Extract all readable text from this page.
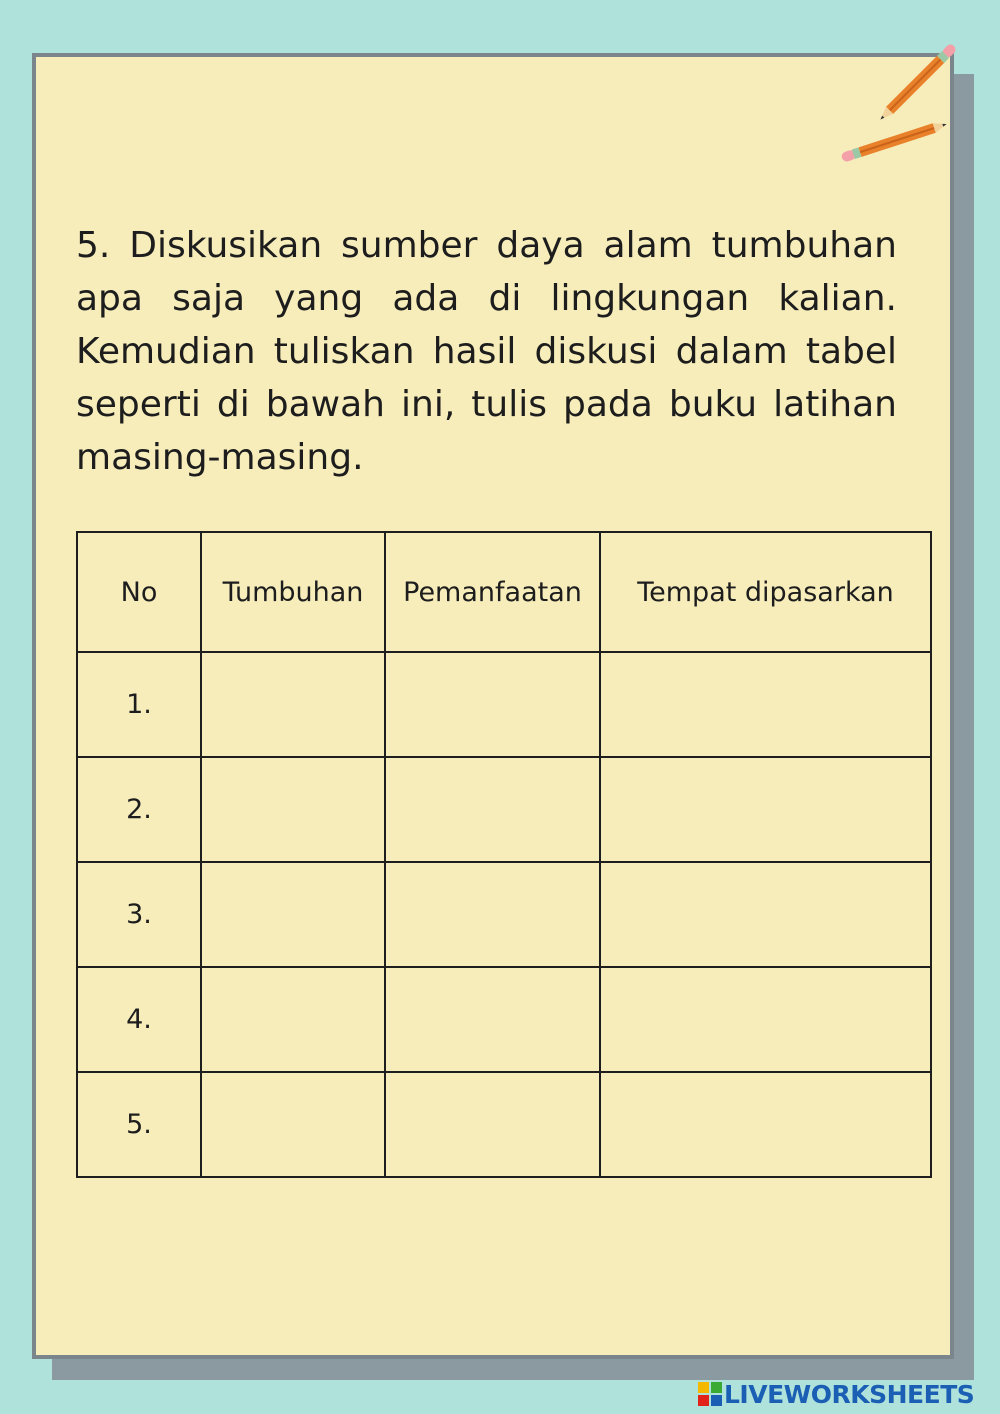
5. Diskusikan sumber daya alam tumbuhan apa saja yang ada di lingkungan kalian. Kemudian tuliskan hasil diskusi dalam tabel seperti di bawah ini, tulis pada buku latihan masing-masing.

No	Tumbuhan	Pemanfaatan	Tempat dipasarkan
1.			
2.			
3.			
4.			
5.			
LIVEWORKSHEETS
